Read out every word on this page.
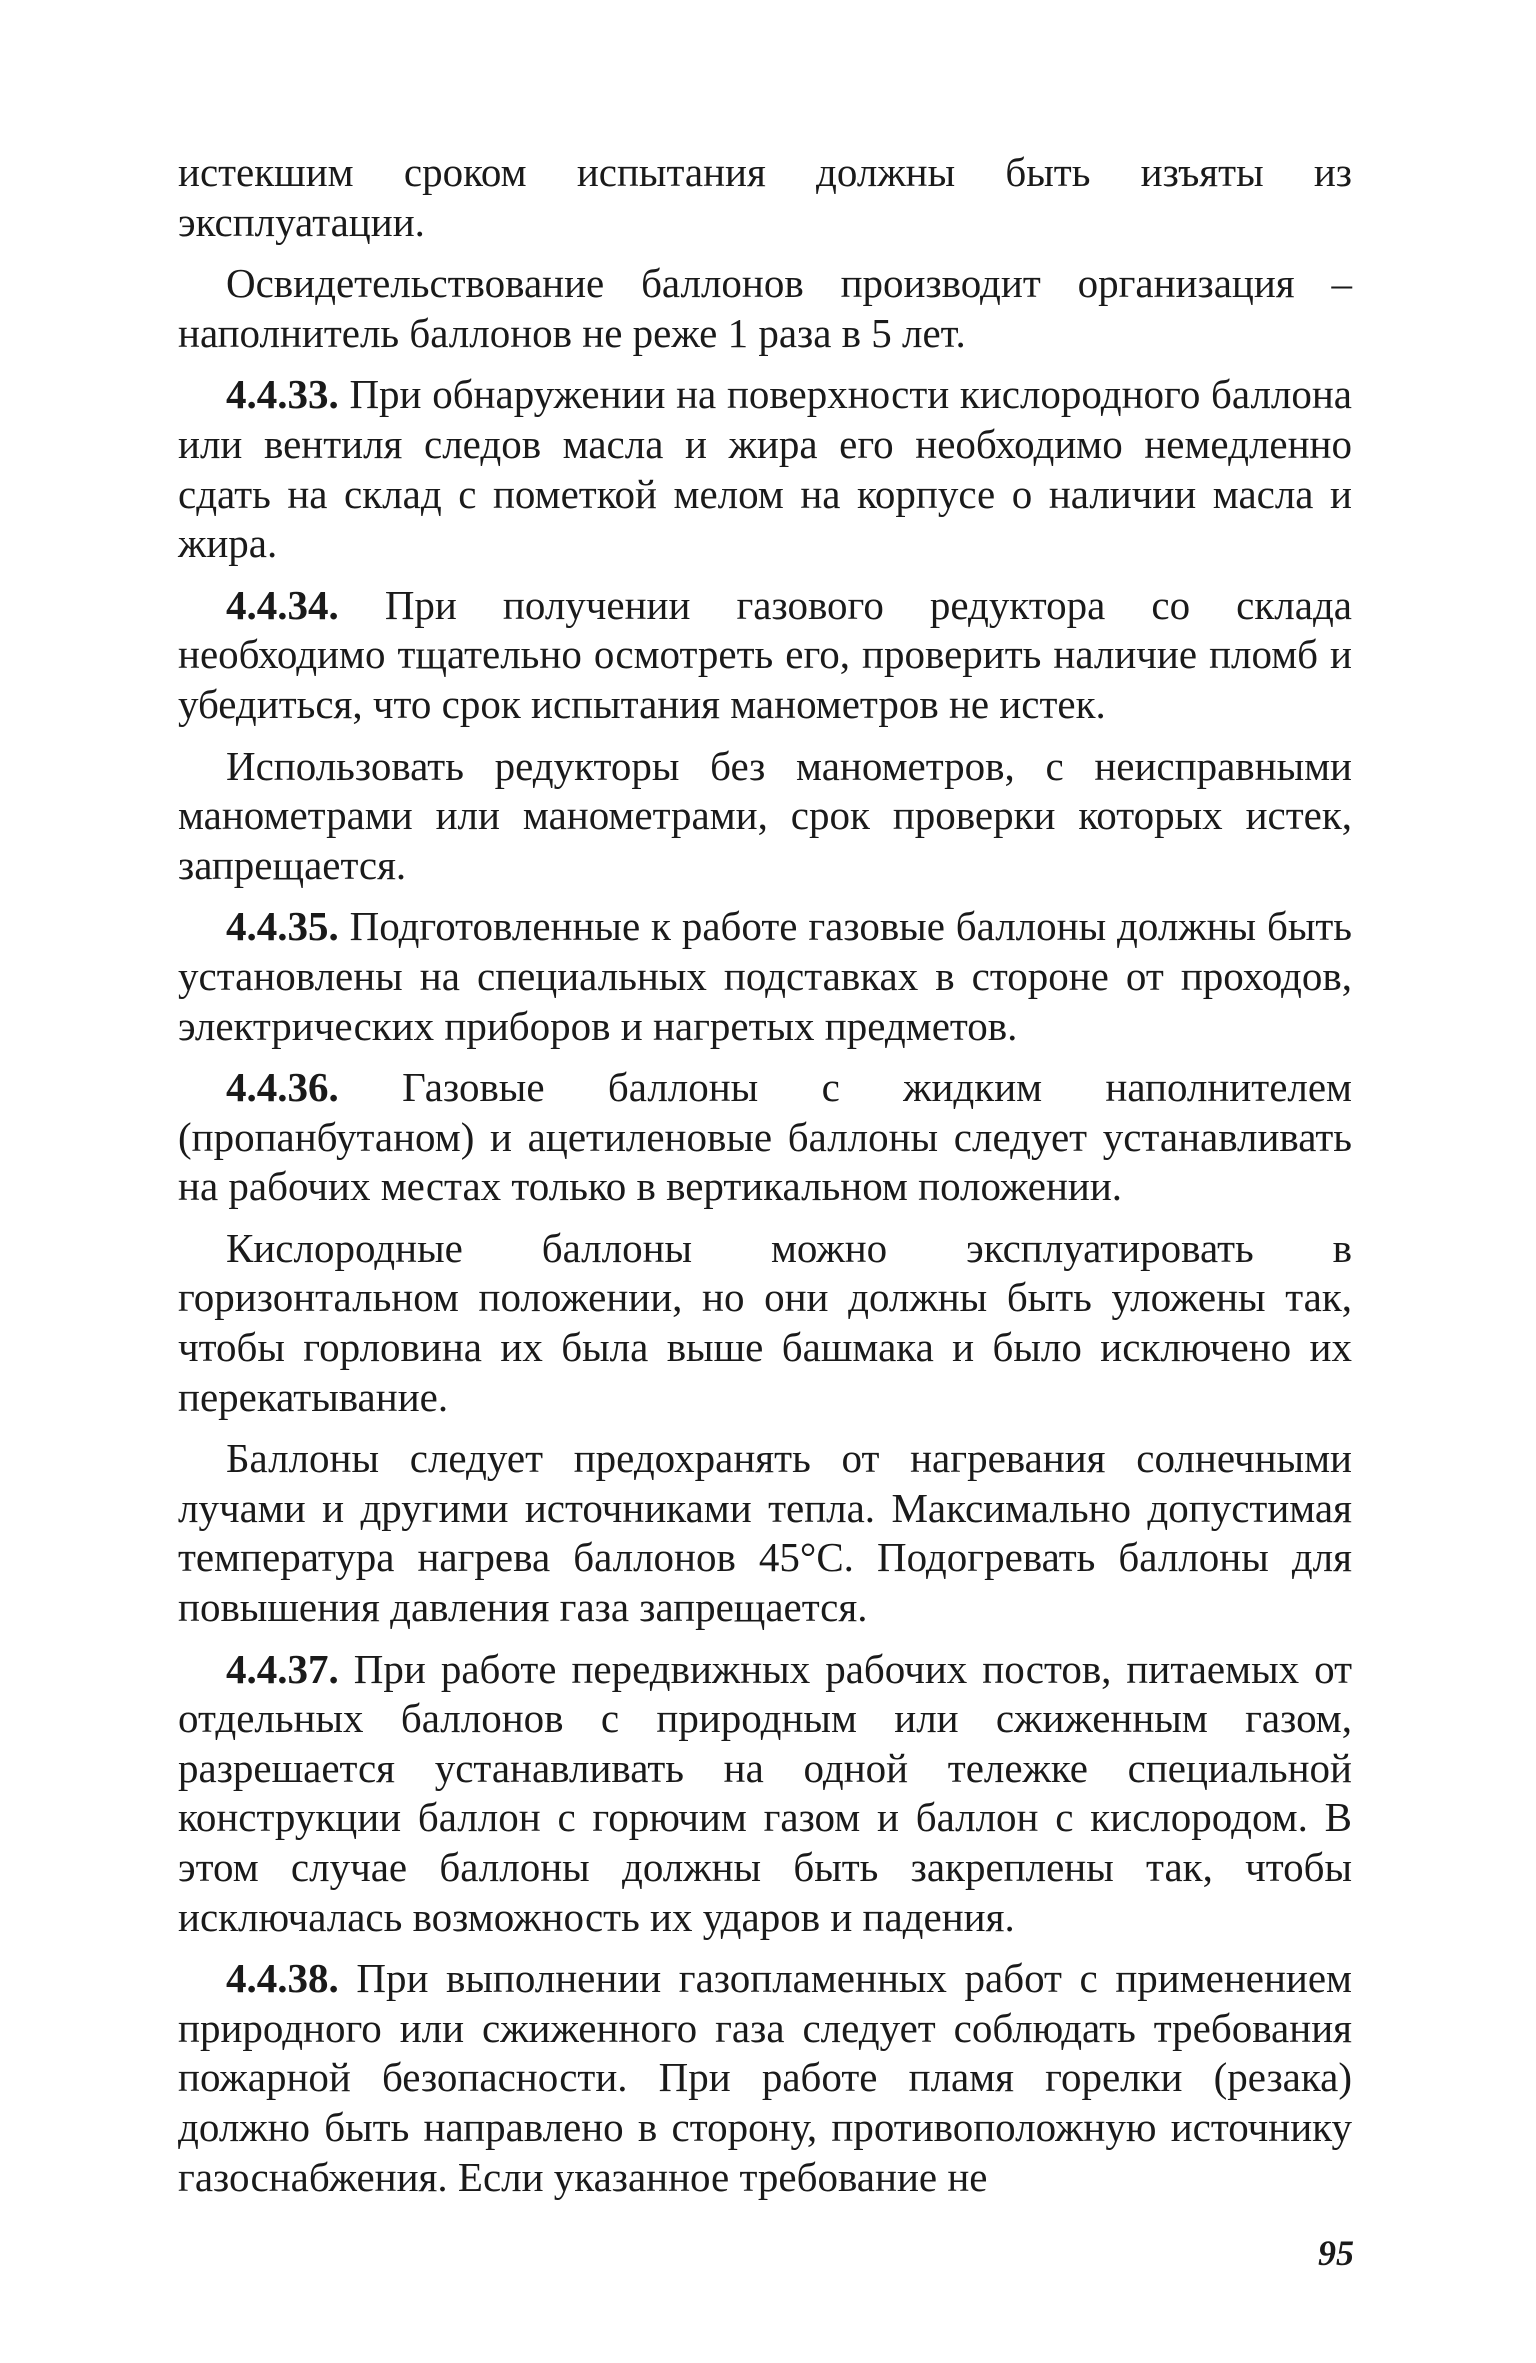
истекшим сроком испытания должны быть изъяты из эксплуатации.

Освидетельствование баллонов производит организация – наполнитель баллонов не реже 1 раза в 5 лет.

4.4.33. При обнаружении на поверхности кислородного баллона или вентиля следов масла и жира его необходимо немедленно сдать на склад с пометкой мелом на корпусе о наличии масла и жира.

4.4.34. При получении газового редуктора со склада необходимо тщательно осмотреть его, проверить наличие пломб и убедиться, что срок испытания манометров не истек.

Использовать редукторы без манометров, с неисправными манометрами или манометрами, срок проверки которых истек, запрещается.

4.4.35. Подготовленные к работе газовые баллоны должны быть установлены на специальных подставках в стороне от проходов, электрических приборов и нагретых предметов.

4.4.36. Газовые баллоны с жидким наполнителем (пропанбутаном) и ацетиленовые баллоны следует устанавливать на рабочих местах только в вертикальном положении.

Кислородные баллоны можно эксплуатировать в горизонтальном положении, но они должны быть уложены так, чтобы горловина их была выше башмака и было исключено их перекатывание.

Баллоны следует предохранять от нагревания солнечными лучами и другими источниками тепла. Максимально допустимая температура нагрева баллонов 45°С. Подогревать баллоны для повышения давления газа запрещается.

4.4.37. При работе передвижных рабочих постов, питаемых от отдельных баллонов с природным или сжиженным газом, разрешается устанавливать на одной тележке специальной конструкции баллон с горючим газом и баллон с кислородом. В этом случае баллоны должны быть закреплены так, чтобы исключалась возможность их ударов и падения.

4.4.38. При выполнении газопламенных работ с применением природного или сжиженного газа следует соблюдать требования пожарной безопасности. При работе пламя горелки (резака) должно быть направлено в сторону, противоположную источнику газоснабжения. Если указанное требование не

95
